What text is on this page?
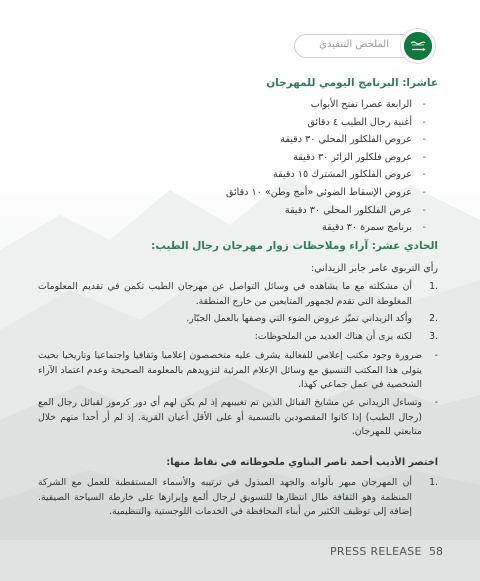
الملخص التنفيذي
عاشرا: البرنامج اليومي للمهرجان
- الرابعة عصرا تفتح الأبواب
- أغنية رجال الطيب ٤ دقائق
- عروض الفلكلور المحلي ٣٠ دقيقة
- عروض فلكلور الزائر ٣٠ دقيقة
- عروض الفلكلور المشترك ١٥ دقيقة
- عروض الإسقاط الضوئي «أمج وطن» ١٠ دقائق
- عرض الفلكلور المحلي ٣٠ دقيقة
- برنامج سمرة ٣٠ دقيقة
الحادي عشر: آراء وملاحظات زوار مهرجان رجال الطيب:
رأي التربوي عامر جابر الزيداني:
.1
أن مشكلته مع ما يشاهده في وسائل التواصل عن مهرجان الطيب تكمن في تقديم المعلومات المغلوطة التي تقدم لجمهور المتابعين من خارج المنطقة.
.2
وأكد الزيداني تميّز عروض الضوء التي وصفها بالعمل الجبّار.
.3
لكنه يرى أن هناك العديد من الملحوظات:
-
ضرورة وجود مكتب إعلامي للفعالية يشرف عليه متخصصون إعلاميا وثقافيا واجتماعيا وتاريخيا بحيث يتولى هذا المكتب التنسيق مع وسائل الإعلام المرئية لتزويدهم بالمعلومة الصحيحة وعدم اعتماد الآراء الشخصية في عمل جماعي كهذا.
-
وتساءل الزيداني عن مشايخ القبائل الذين تم تغييبهم إذ لم يكن لهم أي دور كرموز لقبائل رجال المع (رجال الطيب) إذا كانوا المقصودين بالتسمية أو على الأقل أعيان القرية. إذ لم أر أحدا منهم خلال متابعتي للمهرجان.
اختصر الأديب أحمد ناصر البناوي ملحوظاته في نقاط منها:
.1
أن المهرجان مبهر بألوانه والجهد المبذول في ترتيبه والأسماء المستقطبة للعمل مع الشركة المنظمة وهو الثقافة طال انتظارها للتسويق لرجال ألمع وإبرازها على خارطة السياحة الصيفية. إضافة إلى توظيف الكثير من أبناء المحافظة في الخدمات اللوجستية والتنظيمية.
PRESS RELEASE 58
